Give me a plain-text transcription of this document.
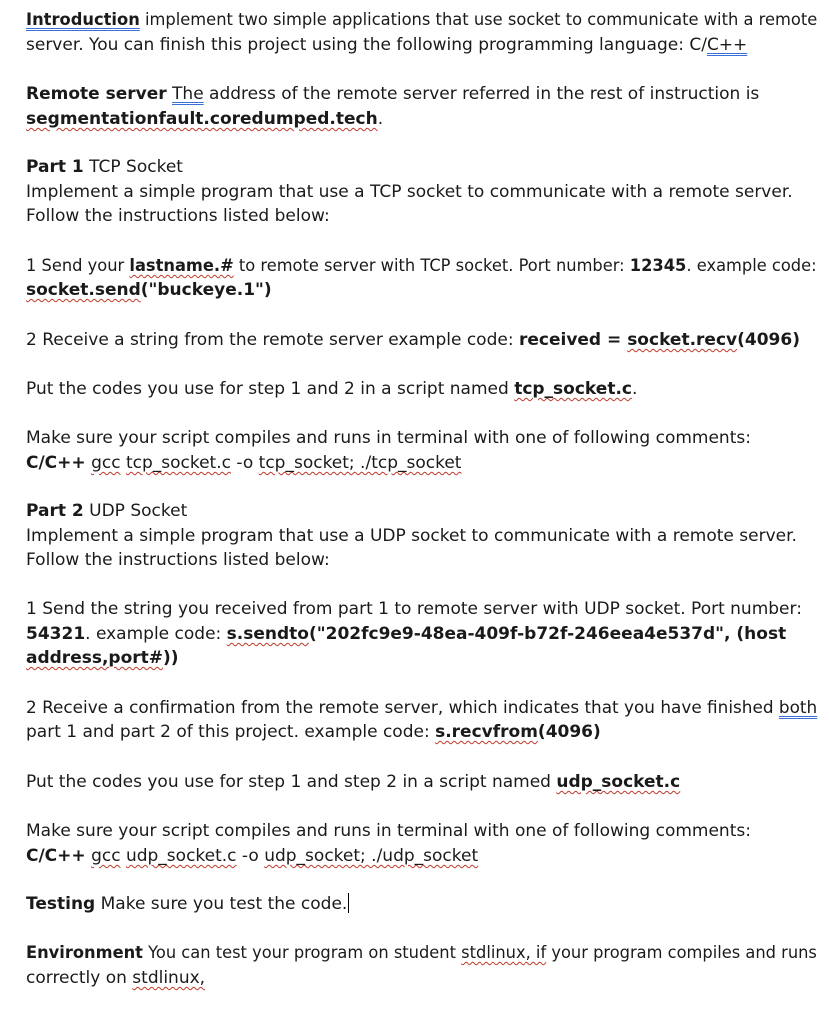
Introduction implement two simple applications that use socket to communicate with a remote
server. You can finish this project using the following programming language: C/C++
Remote server The address of the remote server referred in the rest of instruction is
segmentationfault.coredumped.tech.
Part 1 TCP Socket
Implement a simple program that use a TCP socket to communicate with a remote server.
Follow the instructions listed below:
1 Send your lastname.# to remote server with TCP socket. Port number: 12345. example code:
socket.send("buckeye.1")
2 Receive a string from the remote server example code: received = socket.recv(4096)
Put the codes you use for step 1 and 2 in a script named tcp_socket.c.
Make sure your script compiles and runs in terminal with one of following comments:
C/C++ gcc tcp_socket.c -o tcp_socket; ./tcp_socket
Part 2 UDP Socket
Implement a simple program that use a UDP socket to communicate with a remote server.
Follow the instructions listed below:
1 Send the string you received from part 1 to remote server with UDP socket. Port number:
54321. example code: s.sendto("202fc9e9-48ea-409f-b72f-246eea4e537d", (host
address,port#))
2 Receive a confirmation from the remote server, which indicates that you have finished both
part 1 and part 2 of this project. example code: s.recvfrom(4096)
Put the codes you use for step 1 and step 2 in a script named udp_socket.c
Make sure your script compiles and runs in terminal with one of following comments:
C/C++ gcc udp_socket.c -o udp_socket; ./udp_socket
Testing Make sure you test the code.
Environment You can test your program on student stdlinux, if your program compiles and runs
correctly on stdlinux,
